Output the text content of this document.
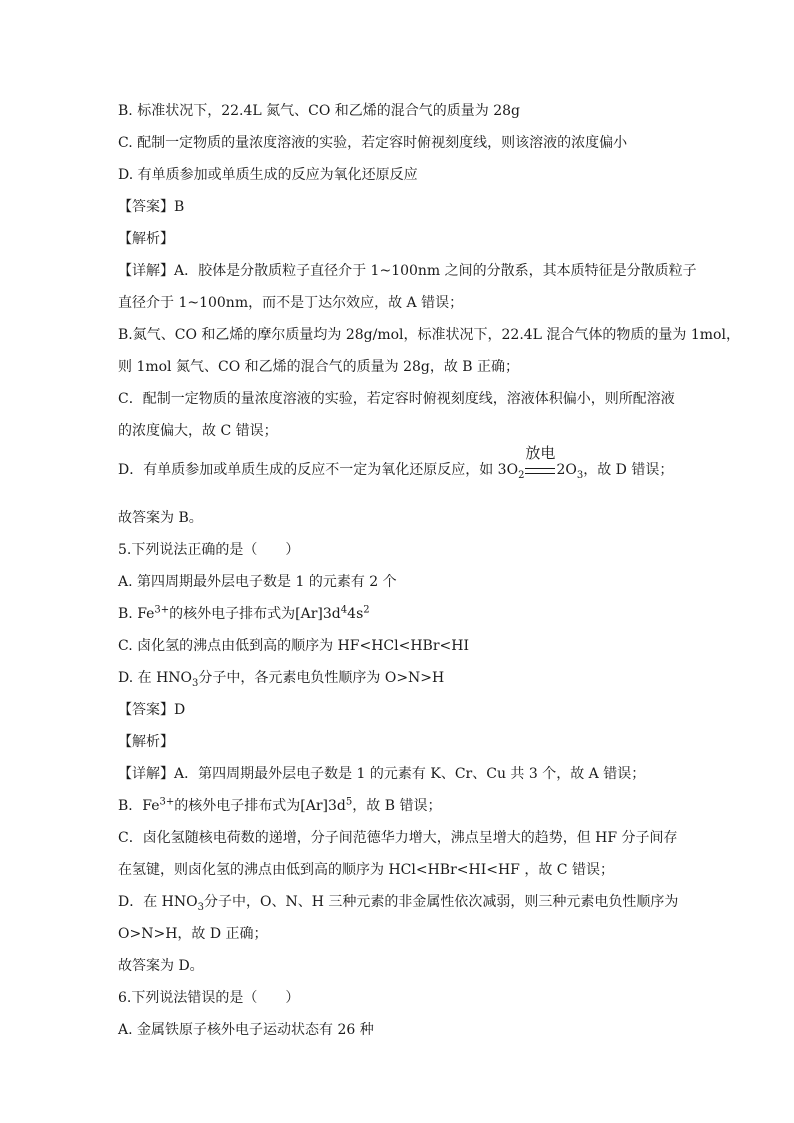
B. 标准状况下，22.4L 氮气、CO 和乙烯的混合气的质量为 28g
C. 配制一定物质的量浓度溶液的实验，若定容时俯视刻度线，则该溶液的浓度偏小
D. 有单质参加或单质生成的反应为氧化还原反应
【答案】B
【解析】
【详解】A．胶体是分散质粒子直径介于 1~100nm 之间的分散系，其本质特征是分散质粒子
直径介于 1~100nm，而不是丁达尔效应，故 A 错误；
B.氮气、CO 和乙烯的摩尔质量均为 28g/mol，标准状况下，22.4L 混合气体的物质的量为 1mol，
则 1mol 氮气、CO 和乙烯的混合气的质量为 28g，故 B 正确；
C．配制一定物质的量浓度溶液的实验，若定容时俯视刻度线，溶液体积偏小，则所配溶液
的浓度偏大，故 C 错误；
D．有单质参加或单质生成的反应不一定为氧化还原反应，如 $3O_2$
放电
$2O_3$，故 D 错误；
故答案为 B。
5.下列说法正确的是（　　）
A. 第四周期最外层电子数是 1 的元素有 2 个
B. $Fe^{3+}$的核外电子排布式为$[Ar]3d^44s^2$
C. 卤化氢的沸点由低到高的顺序为 HF<HCl<HBr<HI
D. 在 $HNO_3$分子中，各元素电负性顺序为 O>N>H
【答案】D
【解析】
【详解】A．第四周期最外层电子数是 1 的元素有 K、Cr、Cu 共 3 个，故 A 错误；
B．$Fe^{3+}$的核外电子排布式为$[Ar]3d^5$，故 B 错误；
C．卤化氢随核电荷数的递增，分子间范德华力增大，沸点呈增大的趋势，但 HF 分子间存
在氢键，则卤化氢的沸点由低到高的顺序为 HCl<HBr<HI<HF ，故 C 错误；
D．在 $HNO_3$分子中，O、N、H 三种元素的非金属性依次减弱，则三种元素电负性顺序为
O>N>H，故 D 正确；
故答案为 D。
6.下列说法错误的是（　　）
A. 金属铁原子核外电子运动状态有 26 种
